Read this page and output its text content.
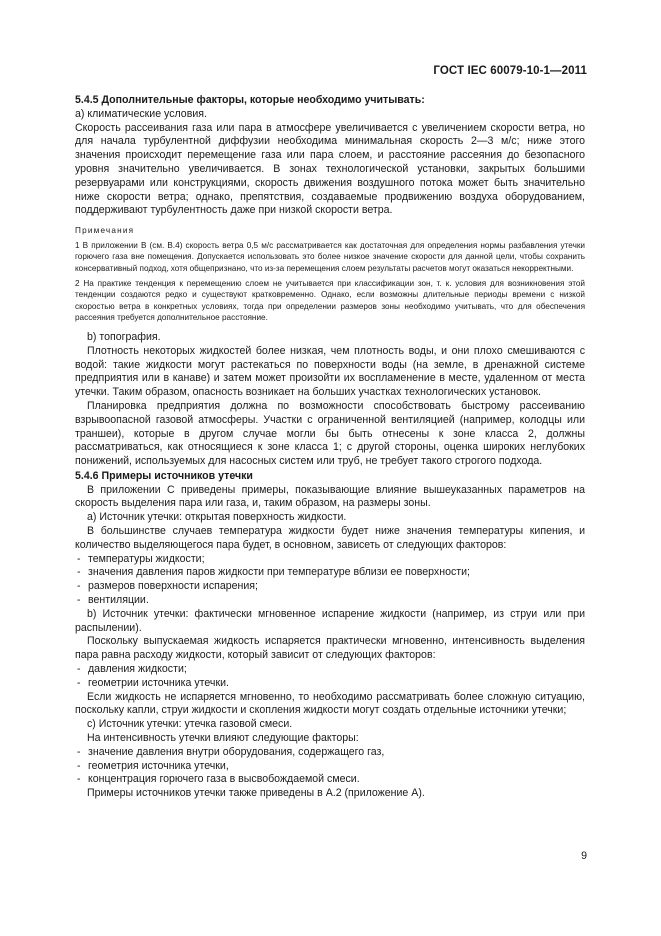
ГОСТ IEC 60079-10-1—2011

5.4.5 Дополнительные факторы, которые необходимо учитывать:

а) климатические условия.

Скорость рассеивания газа или пара в атмосфере увеличивается с увеличением скорости ветра, но для начала турбулентной диффузии необходима минимальная скорость 2—3 м/с; ниже этого значения происходит перемещение газа или пара слоем, и расстояние рассеяния до безопасного уровня значительно увеличивается. В зонах технологической установки, закрытых большими резервуарами или конструкциями, скорость движения воздушного потока может быть значительно ниже скорости ветра; однако, препятствия, создаваемые продвижению воздуха оборудованием, поддерживают турбулентность даже при низкой скорости ветра.

Примечания

1 В приложении В (см. В.4) скорость ветра 0,5 м/с рассматривается как достаточная для определения нормы разбавления утечки горючего газа вне помещения. Допускается использовать это более низкое значение скорости для данной цели, чтобы сохранить консервативный подход, хотя общепризнано, что из-за перемещения слоем результаты расчетов могут оказаться некорректными.

2 На практике тенденция к перемещению слоем не учитывается при классификации зон, т. к. условия для возникновения этой тенденции создаются редко и существуют кратковременно. Однако, если возможны длительные периоды времени с низкой скоростью ветра в конкретных условиях, тогда при определении размеров зоны необходимо учитывать, что для обеспечения рассеяния требуется дополнительное расстояние.

b) топография.

Плотность некоторых жидкостей более низкая, чем плотность воды, и они плохо смешиваются с водой: такие жидкости могут растекаться по поверхности воды (на земле, в дренажной системе предприятия или в канаве) и затем может произойти их воспламенение в месте, удаленном от места утечки. Таким образом, опасность возникает на больших участках технологических установок.

Планировка предприятия должна по возможности способствовать быстрому рассеиванию взрывоопасной газовой атмосферы. Участки с ограниченной вентиляцией (например, колодцы или траншеи), которые в другом случае могли бы быть отнесены к зоне класса 2, должны рассматриваться, как относящиеся к зоне класса 1; с другой стороны, оценка широких неглубоких понижений, используемых для насосных систем или труб, не требует такого строгого подхода.

5.4.6 Примеры источников утечки

В приложении С приведены примеры, показывающие влияние вышеуказанных параметров на скорость выделения пара или газа, и, таким образом, на размеры зоны.

а) Источник утечки: открытая поверхность жидкости.

В большинстве случаев температура жидкости будет ниже значения температуры кипения, и количество выделяющегося пара будет, в основном, зависеть от следующих факторов:

- температуры жидкости;

- значения давления паров жидкости при температуре вблизи ее поверхности;

- размеров поверхности испарения;

- вентиляции.

b) Источник утечки: фактически мгновенное испарение жидкости (например, из струи или при распылении).

Поскольку выпускаемая жидкость испаряется практически мгновенно, интенсивность выделения пара равна расходу жидкости, который зависит от следующих факторов:

- давления жидкости;

- геометрии источника утечки.

Если жидкость не испаряется мгновенно, то необходимо рассматривать более сложную ситуацию, поскольку капли, струи жидкости и скопления жидкости могут создать отдельные источники утечки;

с) Источник утечки: утечка газовой смеси.

На интенсивность утечки влияют следующие факторы:

- значение давления внутри оборудования, содержащего газ,

- геометрия источника утечки,

- концентрация горючего газа в высвобождаемой смеси.

Примеры источников утечки также приведены в А.2 (приложение А).

9
